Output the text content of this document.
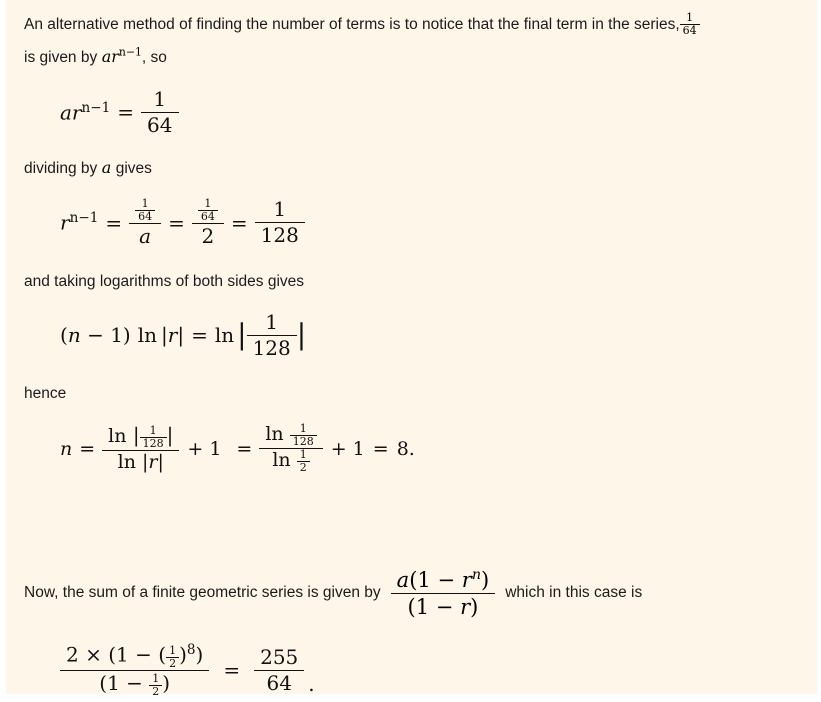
An alternative method of finding the number of terms is to notice that the final term in the series, $\frac{1}{64}$
is given by $ar^{n-1}$, so
$ar^{n-1} = \frac{1}{64}$
dividing by a gives
$r^{n-1} = \frac{\frac{1}{64}}{a} = \frac{\frac{1}{64}}{2} = \frac{1}{128}$
and taking logarithms of both sides gives
(n − 1) ln |r| = ln | $\frac{1}{128}$ |
hence
$n = \frac{\ln | \frac{1}{128} |}{\ln |r|} + 1 = \frac{\ln \frac{1}{128}}{\ln \frac{1}{2}} + 1 = 8$.
Now, the sum of a finite geometric series is given by $\frac{a(1 - r^n)}{(1 - r)}$ which in this case is
$\frac{2 \times (1 - ( \frac{1}{2} )^8)}{(1 - \frac{1}{2} )} = \frac{255}{64}$ .
